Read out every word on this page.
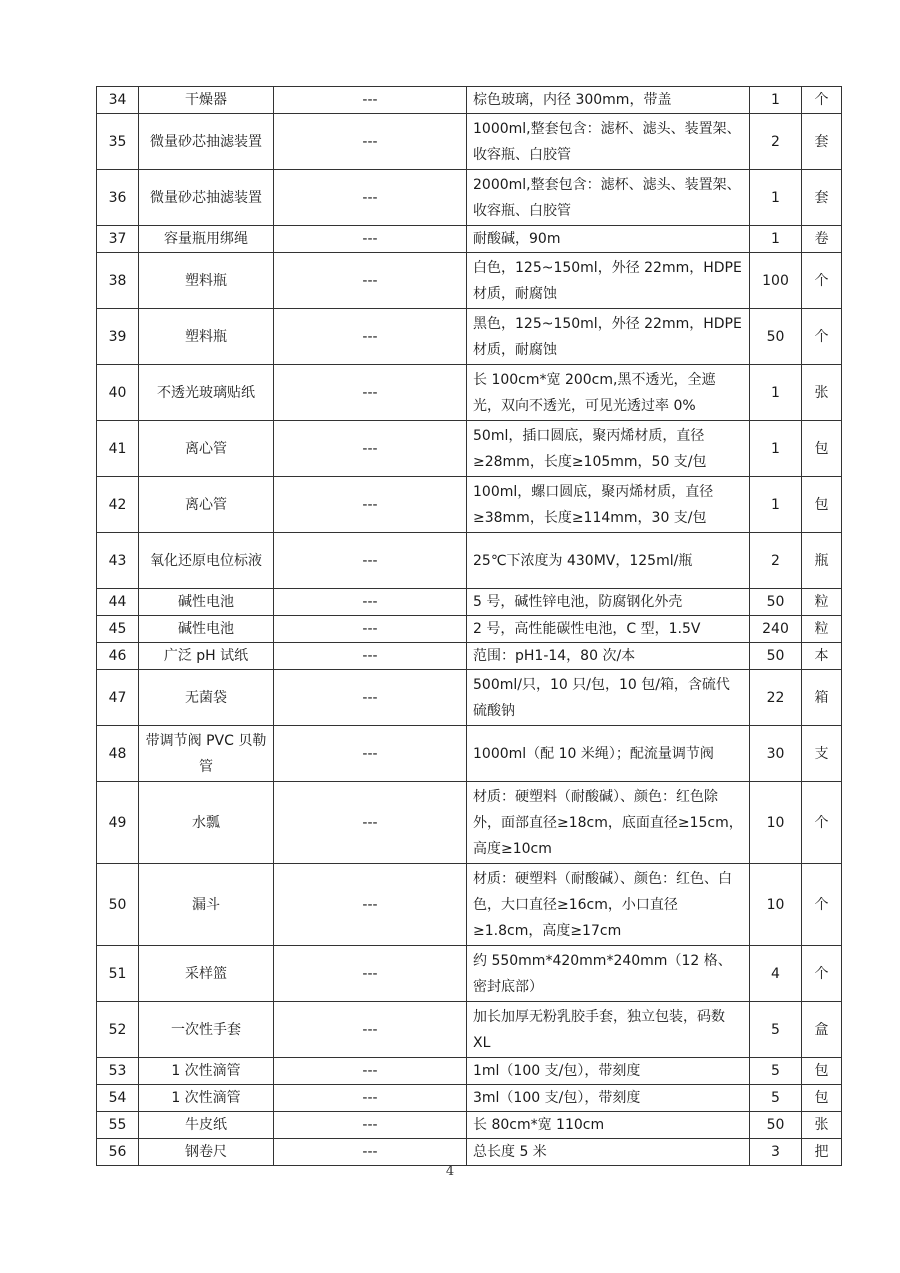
34	干燥器	---	棕色玻璃，内径 300mm，带盖	1	个
35	微量砂芯抽滤装置	---	1000ml,整套包含：滤杯、滤头、装置架、收容瓶、白胶管	2	套
36	微量砂芯抽滤装置	---	2000ml,整套包含：滤杯、滤头、装置架、收容瓶、白胶管	1	套
37	容量瓶用绑绳	---	耐酸碱，90m	1	卷
38	塑料瓶	---	白色，125~150ml，外径 22mm，HDPE 材质，耐腐蚀	100	个
39	塑料瓶	---	黑色，125~150ml，外径 22mm，HDPE 材质，耐腐蚀	50	个
40	不透光玻璃贴纸	---	长 100cm*宽 200cm,黑不透光，全遮光，双向不透光，可见光透过率 0%	1	张
41	离心管	---	50ml，插口圆底，聚丙烯材质，直径≥28mm，长度≥105mm，50 支/包	1	包
42	离心管	---	100ml，螺口圆底，聚丙烯材质，直径≥38mm，长度≥114mm，30 支/包	1	包
43	氧化还原电位标液	---	25℃下浓度为 430MV，125ml/瓶	2	瓶
44	碱性电池	---	5 号，碱性锌电池，防腐钢化外壳	50	粒
45	碱性电池	---	2 号，高性能碳性电池，C 型，1.5V	240	粒
46	广泛 pH 试纸	---	范围：pH1-14，80 次/本	50	本
47	无菌袋	---	500ml/只，10 只/包，10 包/箱，含硫代硫酸钠	22	箱
48	带调节阀 PVC 贝勒管	---	1000ml（配 10 米绳）；配流量调节阀	30	支
49	水瓢	---	材质：硬塑料（耐酸碱）、颜色：红色除外，面部直径≥18cm，底面直径≥15cm，高度≥10cm	10	个
50	漏斗	---	材质：硬塑料（耐酸碱）、颜色：红色、白色，大口直径≥16cm，小口直径≥1.8cm，高度≥17cm	10	个
51	采样篮	---	约 550mm*420mm*240mm（12 格、密封底部）	4	个
52	一次性手套	---	加长加厚无粉乳胶手套，独立包装，码数 XL	5	盒
53	1 次性滴管	---	1ml（100 支/包），带刻度	5	包
54	1 次性滴管	---	3ml（100 支/包），带刻度	5	包
55	牛皮纸	---	长 80cm*宽 110cm	50	张
56	钢卷尺	---	总长度 5 米	3	把
4
